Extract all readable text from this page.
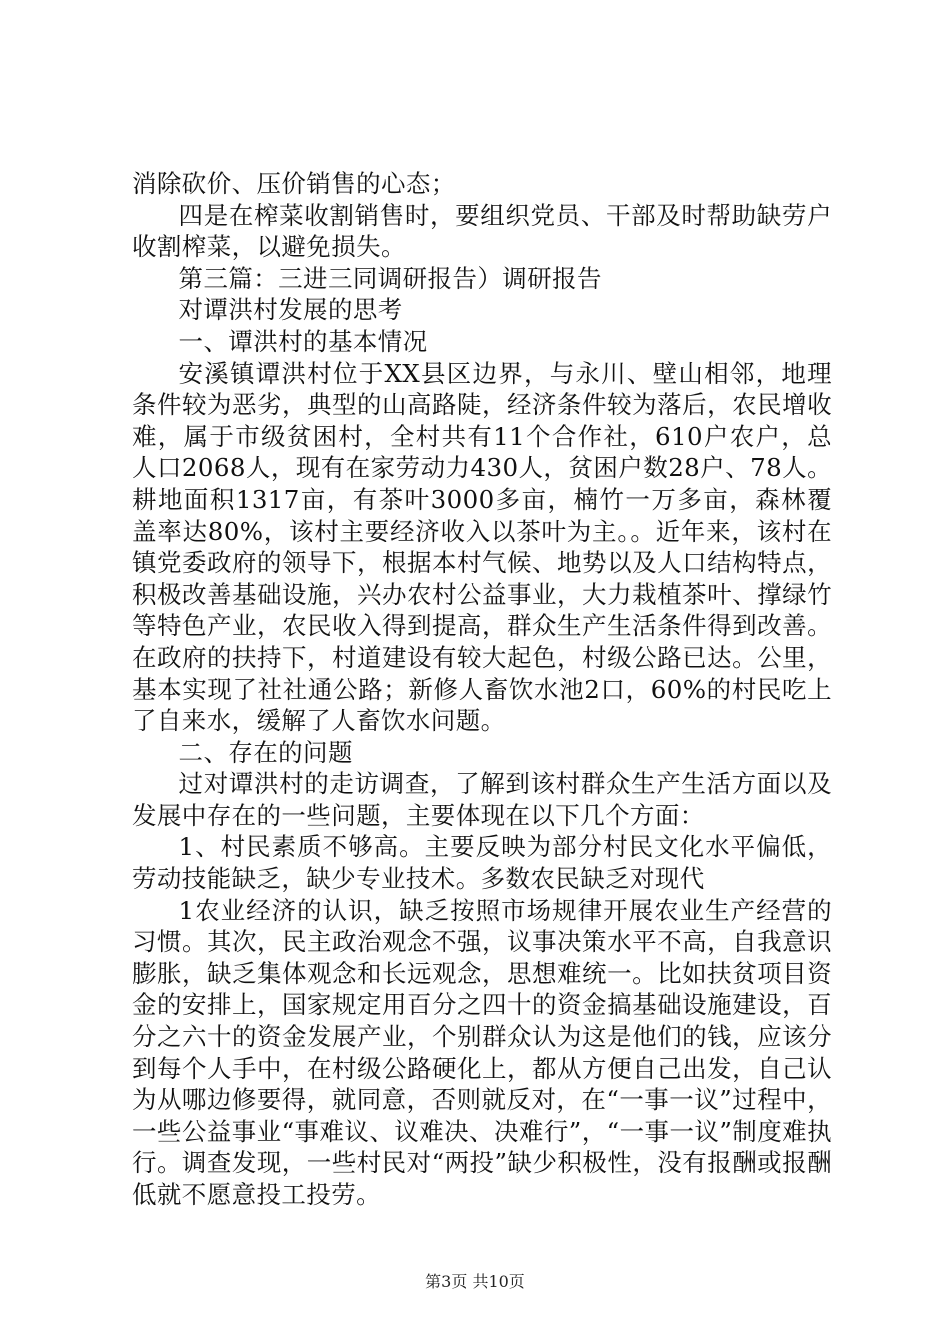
消除砍价、压价销售的心态；

四是在榨菜收割销售时，要组织党员、干部及时帮助缺劳户收割榨菜，以避免损失。

第三篇：三进三同调研报告）调研报告

对谭洪村发展的思考

一、谭洪村的基本情况

安溪镇谭洪村位于XX县区边界，与永川、壁山相邻，地理条件较为恶劣，典型的山高路陡，经济条件较为落后，农民增收难，属于市级贫困村，全村共有11个合作社，610户农户，总人口2068人，现有在家劳动力430人，贫困户数28户、78人。耕地面积1317亩，有茶叶3000多亩，楠竹一万多亩，森林覆盖率达80%，该村主要经济收入以茶叶为主。。近年来，该村在镇党委政府的领导下，根据本村气候、地势以及人口结构特点，积极改善基础设施，兴办农村公益事业，大力栽植茶叶、撑绿竹等特色产业，农民收入得到提高，群众生产生活条件得到改善。在政府的扶持下，村道建设有较大起色，村级公路已达。公里，基本实现了社社通公路；新修人畜饮水池2口，60%的村民吃上了自来水，缓解了人畜饮水问题。

二、存在的问题

过对谭洪村的走访调查，了解到该村群众生产生活方面以及发展中存在的一些问题，主要体现在以下几个方面：

1、村民素质不够高。主要反映为部分村民文化水平偏低，劳动技能缺乏，缺少专业技术。多数农民缺乏对现代

1农业经济的认识，缺乏按照市场规律开展农业生产经营的习惯。其次，民主政治观念不强，议事决策水平不高，自我意识膨胀，缺乏集体观念和长远观念，思想难统一。比如扶贫项目资金的安排上，国家规定用百分之四十的资金搞基础设施建设，百分之六十的资金发展产业，个别群众认为这是他们的钱，应该分到每个人手中，在村级公路硬化上，都从方便自己出发，自己认为从哪边修要得，就同意，否则就反对，在“一事一议”过程中，一些公益事业“事难议、议难决、决难行”，“一事一议”制度难执行。调查发现，一些村民对“两投”缺少积极性，没有报酬或报酬低就不愿意投工投劳。

第3页 共10页
